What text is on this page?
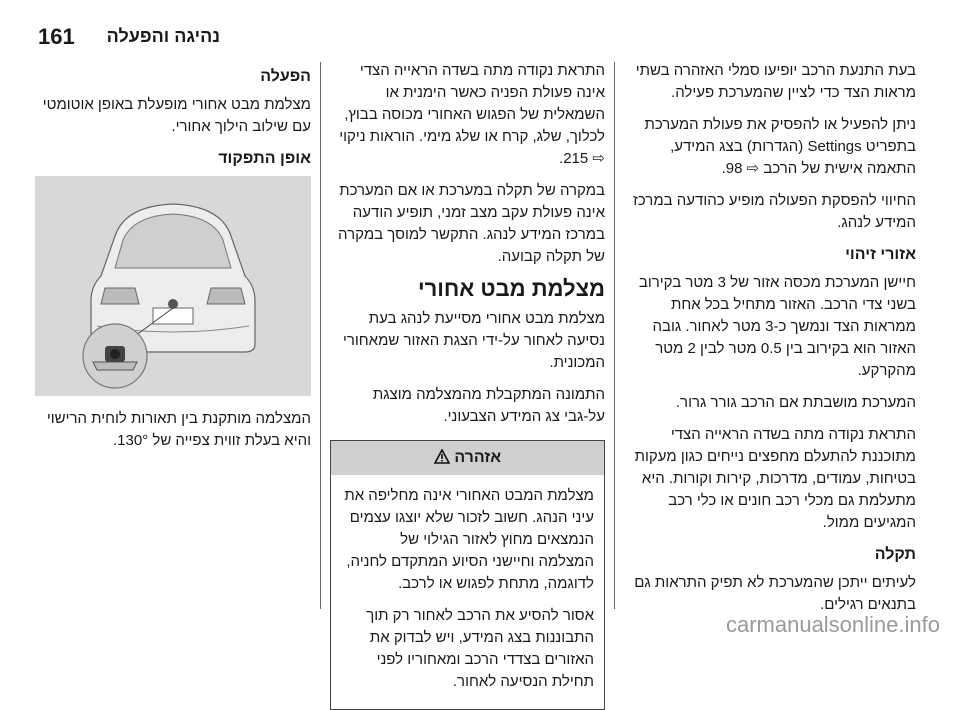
161 נהיגה והפעלה

בעת התנעת הרכב יופיעו סמלי האזהרה בשתי מראות הצד כדי לציין שהמערכת פעילה.

ניתן להפעיל או להפסיק את פעולת המערכת בתפריט Settings (הגדרות) בצג המידע, התאמה אישית של הרכב ⇨ 98.

החיווי להפסקת הפעולה מופיע כהודעה במרכז המידע לנהג.

אזורי זיהוי

חיישן המערכת מכסה אזור של 3 מטר בקירוב בשני צדי הרכב. האזור מתחיל בכל אחת ממראות הצד ונמשך כ-3 מטר לאחור. גובה האזור הוא בקירוב בין 0.5 מטר לבין 2 מטר מהקרקע.

המערכת מושבתת אם הרכב גורר גרור.

התראת נקודה מתה בשדה הראייה הצדי מתוכננת להתעלם מחפצים נייחים כגון מעקות בטיחות, עמודים, מדרכות, קירות וקורות. היא מתעלמת גם מכלי רכב חונים או כלי רכב המגיעים ממול.

תקלה

לעיתים ייתכן שהמערכת לא תפיק התראות גם בתנאים רגילים.

התראת נקודה מתה בשדה הראייה הצדי אינה פעולת הפניה כאשר הימנית או השמאלית של הפגוש האחורי מכוסה בבוץ, לכלוך, שלג, קרח או שלג מימי. הוראות ניקוי ⇨ 215.

במקרה של תקלה במערכת או אם המערכת אינה פעולת עקב מצב זמני, תופיע הודעה במרכז המידע לנהג. התקשר למוסך במקרה של תקלה קבועה.

מצלמת מבט אחורי

מצלמת מבט אחורי מסייעת לנהג בעת נסיעה לאחור על-ידי הצגת האזור שמאחורי המכונית.

התמונה המתקבלת מהמצלמה מוצגת על-גבי צג המידע הצבעוני.

אזהרה

מצלמת המבט האחורי אינה מחליפה את עיני הנהג. חשוב לזכור שלא יוצגו עצמים הנמצאים מחוץ לאזור הגילוי של המצלמה וחיישני הסיוע המתקדם לחניה, לדוגמה, מתחת לפגוש או לרכב.

אסור להסיע את הרכב לאחור רק תוך התבוננות בצג המידע, ויש לבדוק את האזורים בצדדי הרכב ומאחוריו לפני תחילת הנסיעה לאחור.

הפעלה

מצלמת מבט אחורי מופעלת באופן אוטומטי עם שילוב הילוך אחורי.

אופן התפקוד

המצלמה מותקנת בין תאורות לוחית הרישוי והיא בעלת זווית צפייה של 130°.

carmanualsonline.info
